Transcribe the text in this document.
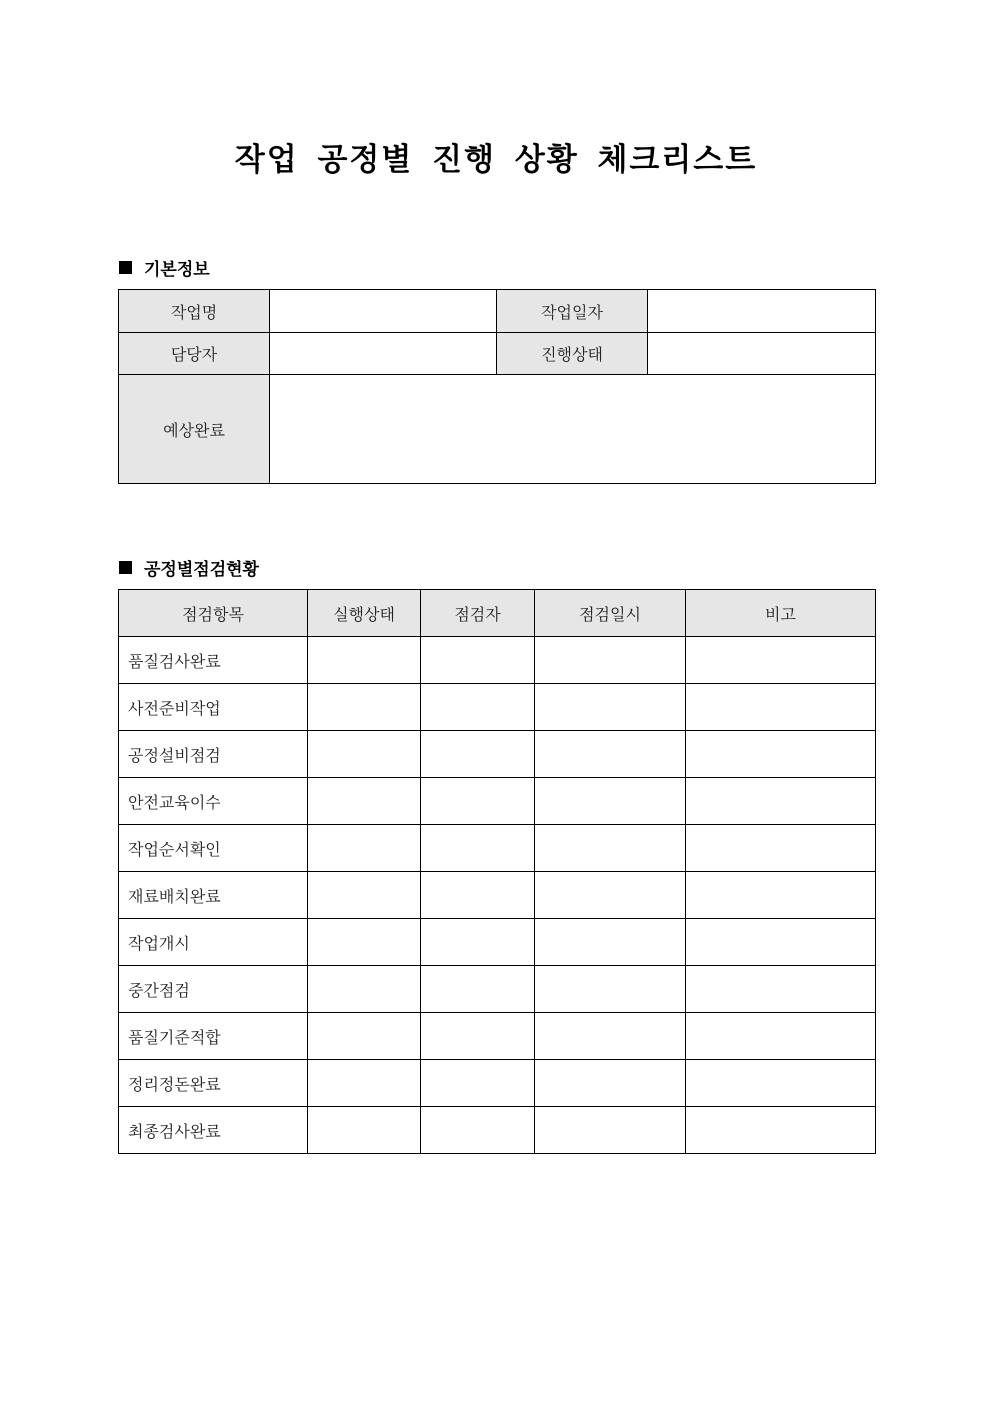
작업 공정별 진행 상황 체크리스트
기본정보
작업명		작업일자	
담당자		진행상태	
예상완료			
공정별점검현황
점검항목	실행상태	점검자	점검일시	비고
품질검사완료				
사전준비작업				
공정설비점검				
안전교육이수				
작업순서확인				
재료배치완료				
작업개시				
중간점검				
품질기준적합				
정리정돈완료				
최종검사완료				
